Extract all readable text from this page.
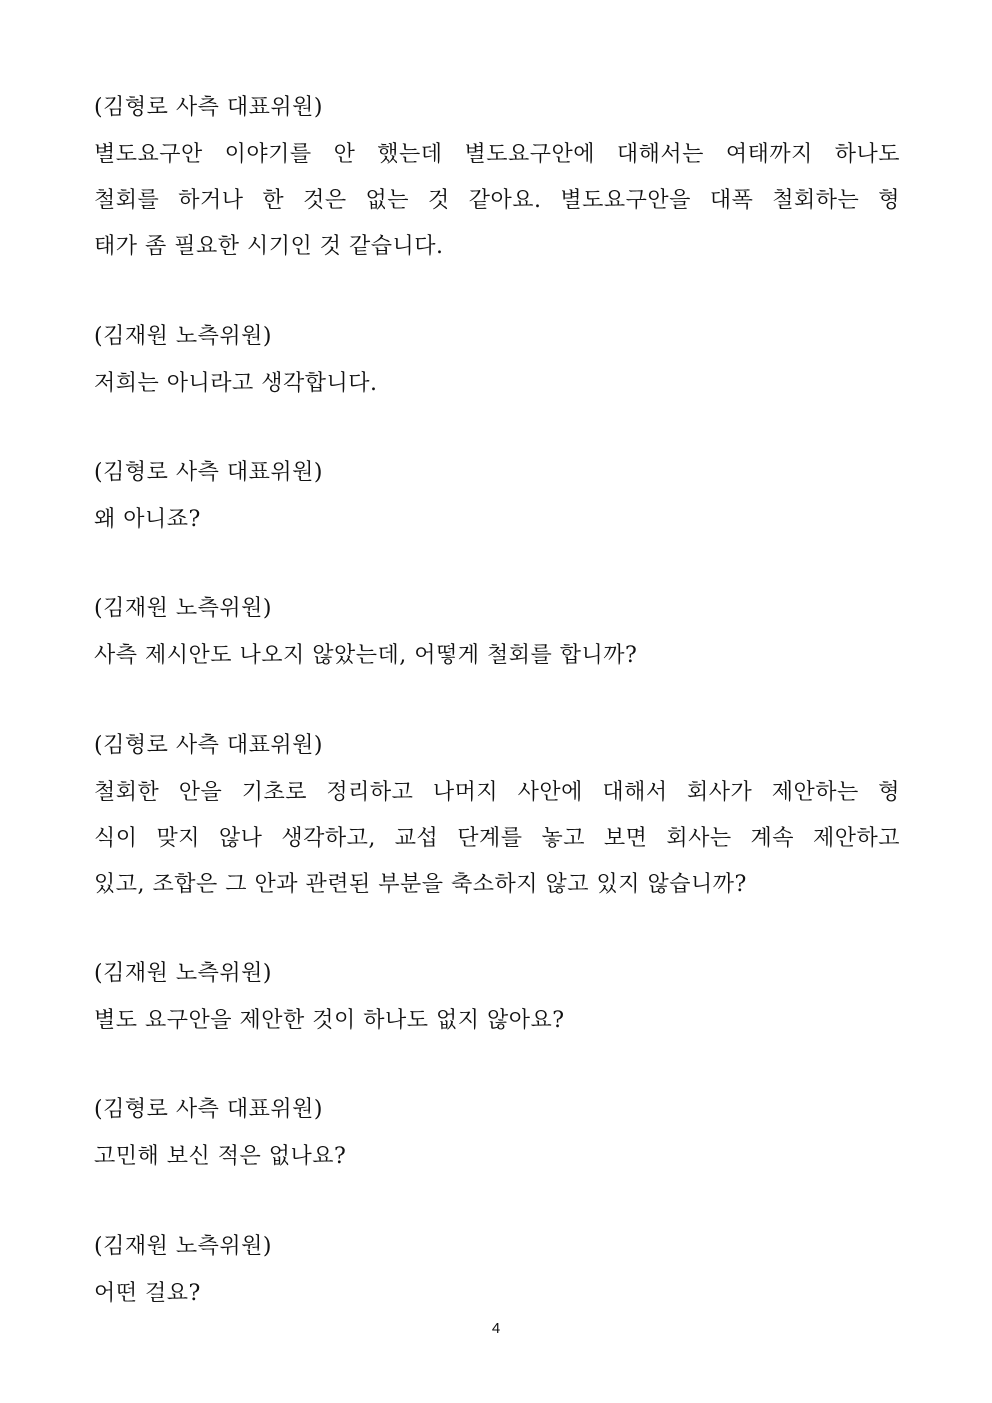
(김형로 사측 대표위원)
별도요구안 이야기를 안 했는데 별도요구안에 대해서는 여태까지 하나도
철회를 하거나 한 것은 없는 것 같아요. 별도요구안을 대폭 철회하는 형
태가 좀 필요한 시기인 것 같습니다.
(김재원 노측위원)
저희는 아니라고 생각합니다.
(김형로 사측 대표위원)
왜 아니죠?
(김재원 노측위원)
사측 제시안도 나오지 않았는데, 어떻게 철회를 합니까?
(김형로 사측 대표위원)
철회한 안을 기초로 정리하고 나머지 사안에 대해서 회사가 제안하는 형
식이 맞지 않나 생각하고, 교섭 단계를 놓고 보면 회사는 계속 제안하고
있고, 조합은 그 안과 관련된 부분을 축소하지 않고 있지 않습니까?
(김재원 노측위원)
별도 요구안을 제안한 것이 하나도 없지 않아요?
(김형로 사측 대표위원)
고민해 보신 적은 없나요?
(김재원 노측위원)
어떤 걸요?
4
